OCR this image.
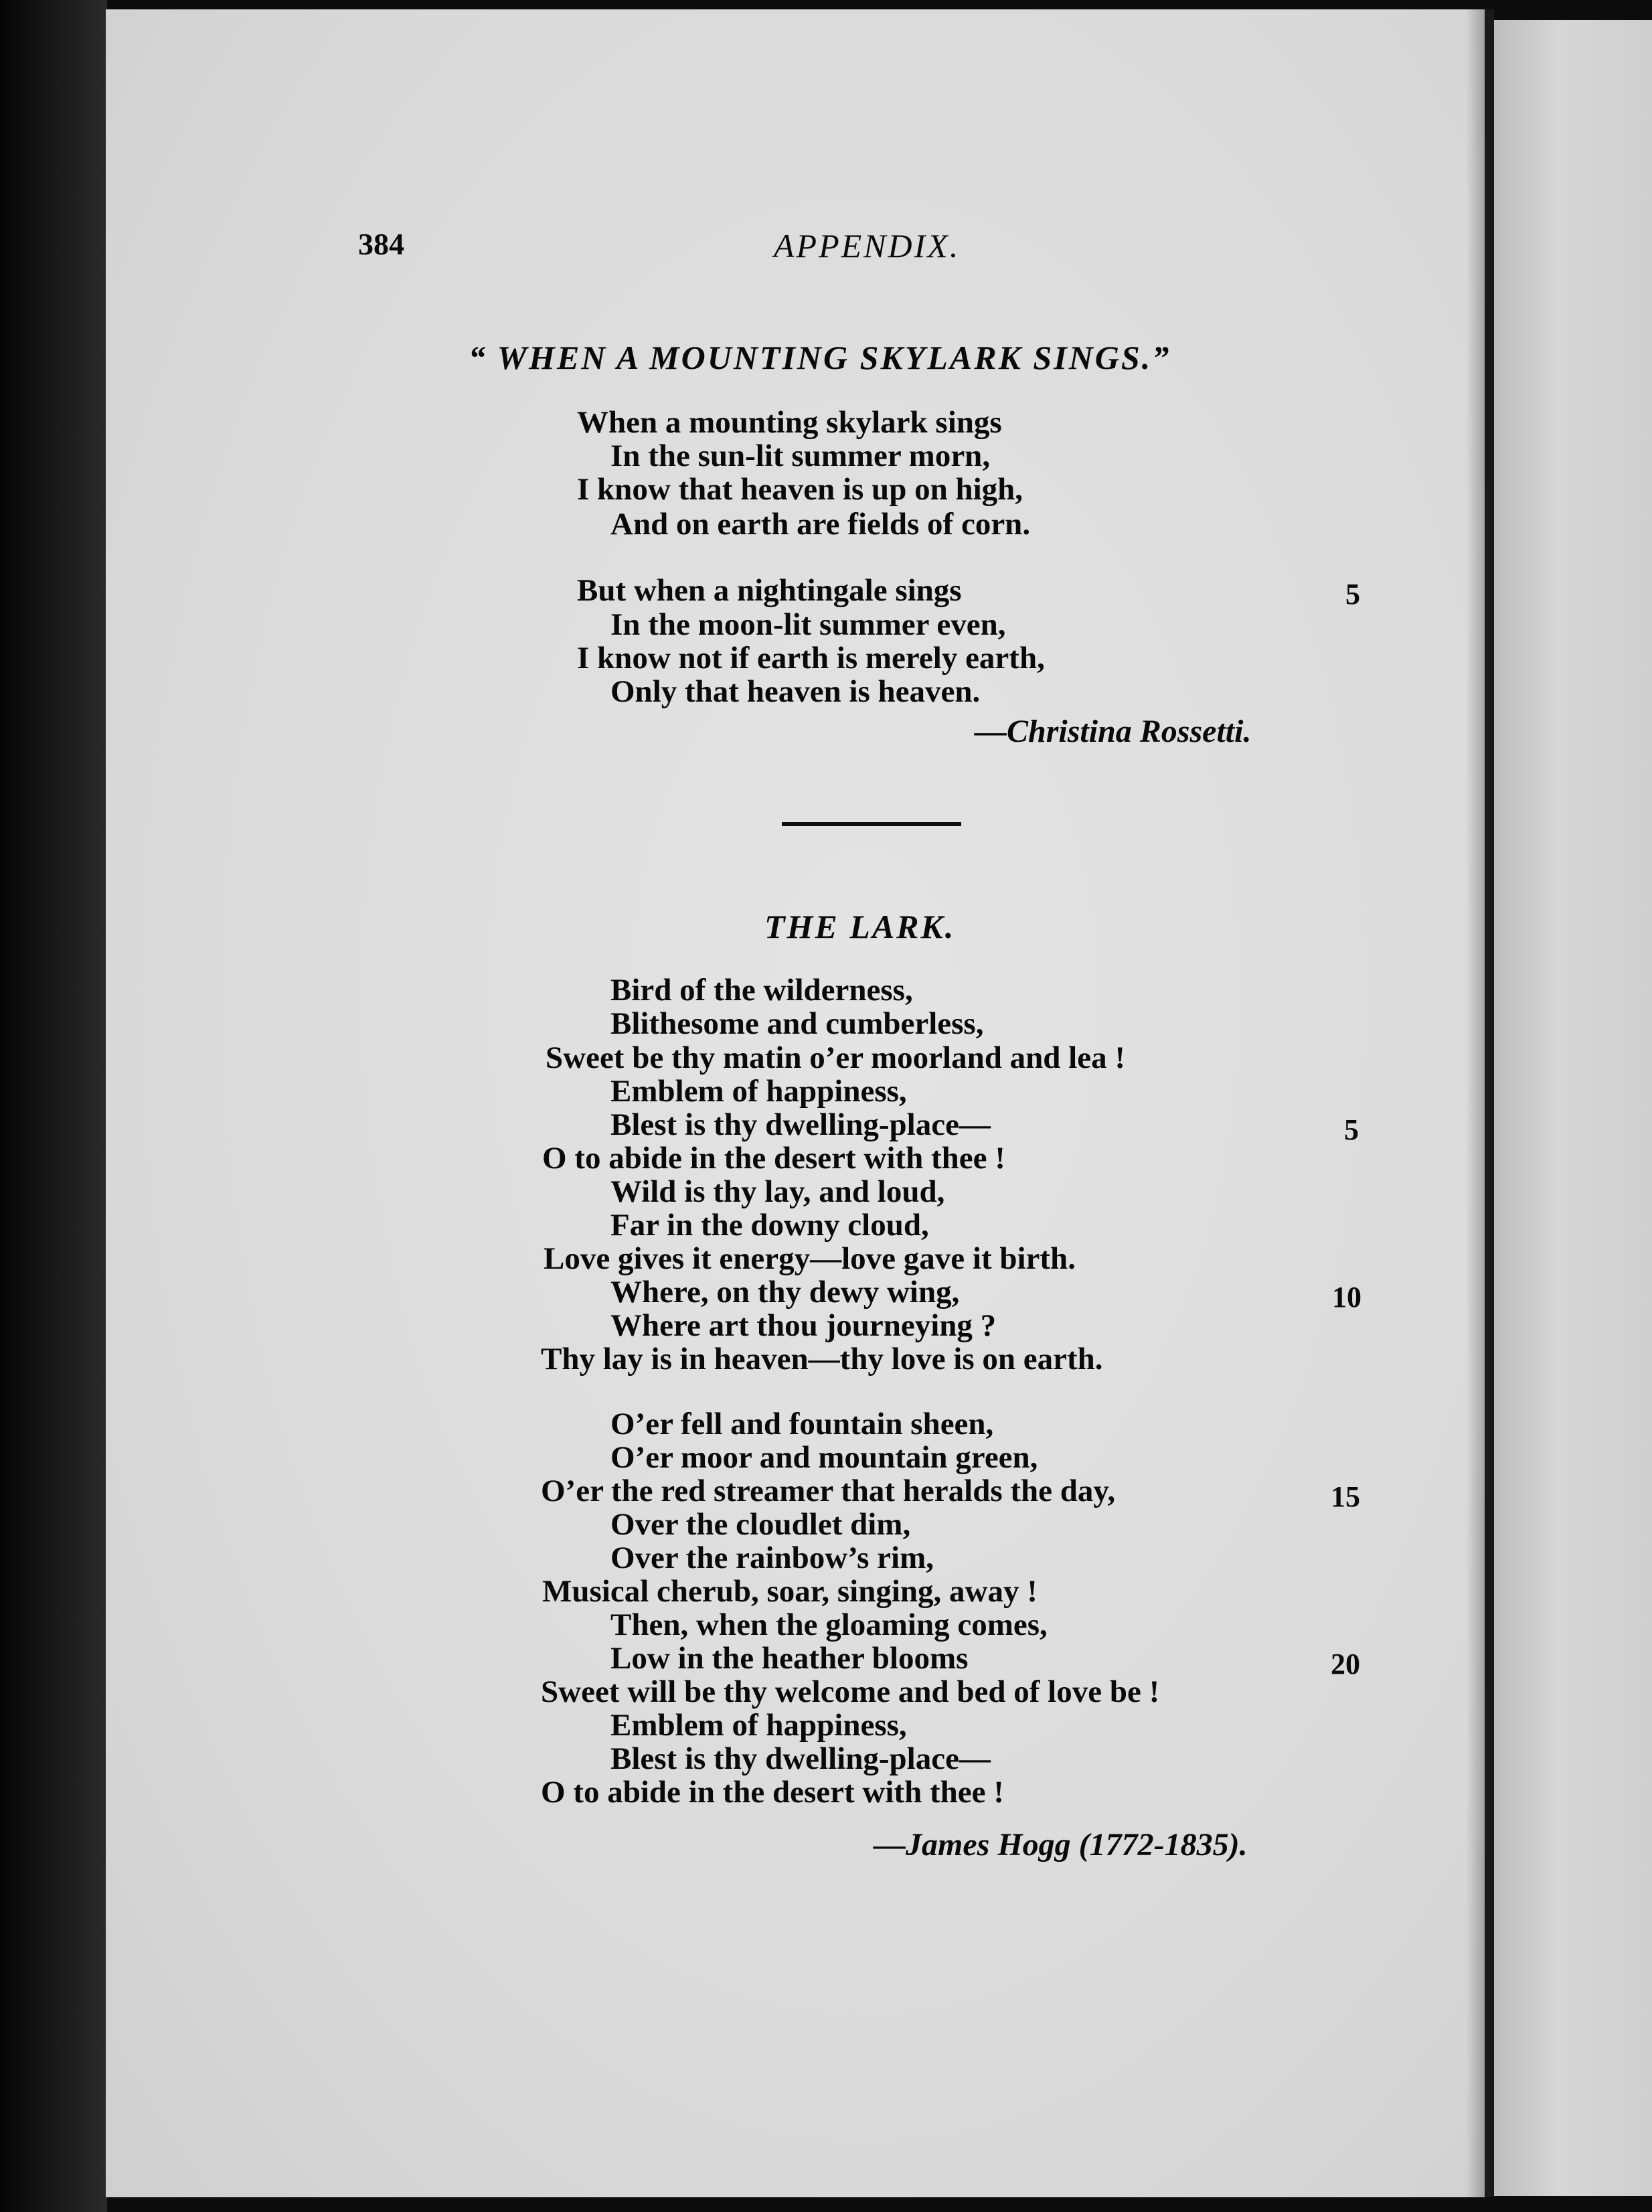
384	APPENDIX.
“ WHEN A MOUNTING SKYLARK SINGS.”
When a mounting skylark sings
In the sun-lit summer morn,
I know that heaven is up on high,
And on earth are fields of corn.
But when a nightingale sings	5
In the moon-lit summer even,
I know not if earth is merely earth,
Only that heaven is heaven.
—Christina Rossetti.
THE LARK.
Bird of the wilderness,
Blithesome and cumberless,
Sweet be thy matin o’er moorland and lea !
Emblem of happiness,
Blest is thy dwelling-place—	5
O to abide in the desert with thee !
Wild is thy lay, and loud,
Far in the downy cloud,
Love gives it energy—love gave it birth.
Where, on thy dewy wing,	10
Where art thou journeying ?
Thy lay is in heaven—thy love is on earth.
O’er fell and fountain sheen,
O’er moor and mountain green,
O’er the red streamer that heralds the day,	15
Over the cloudlet dim,
Over the rainbow’s rim,
Musical cherub, soar, singing, away !
Then, when the gloaming comes,
Low in the heather blooms	20
Sweet will be thy welcome and bed of love be !
Emblem of happiness,
Blest is thy dwelling-place—
O to abide in the desert with thee !
—James Hogg (1772-1835).
